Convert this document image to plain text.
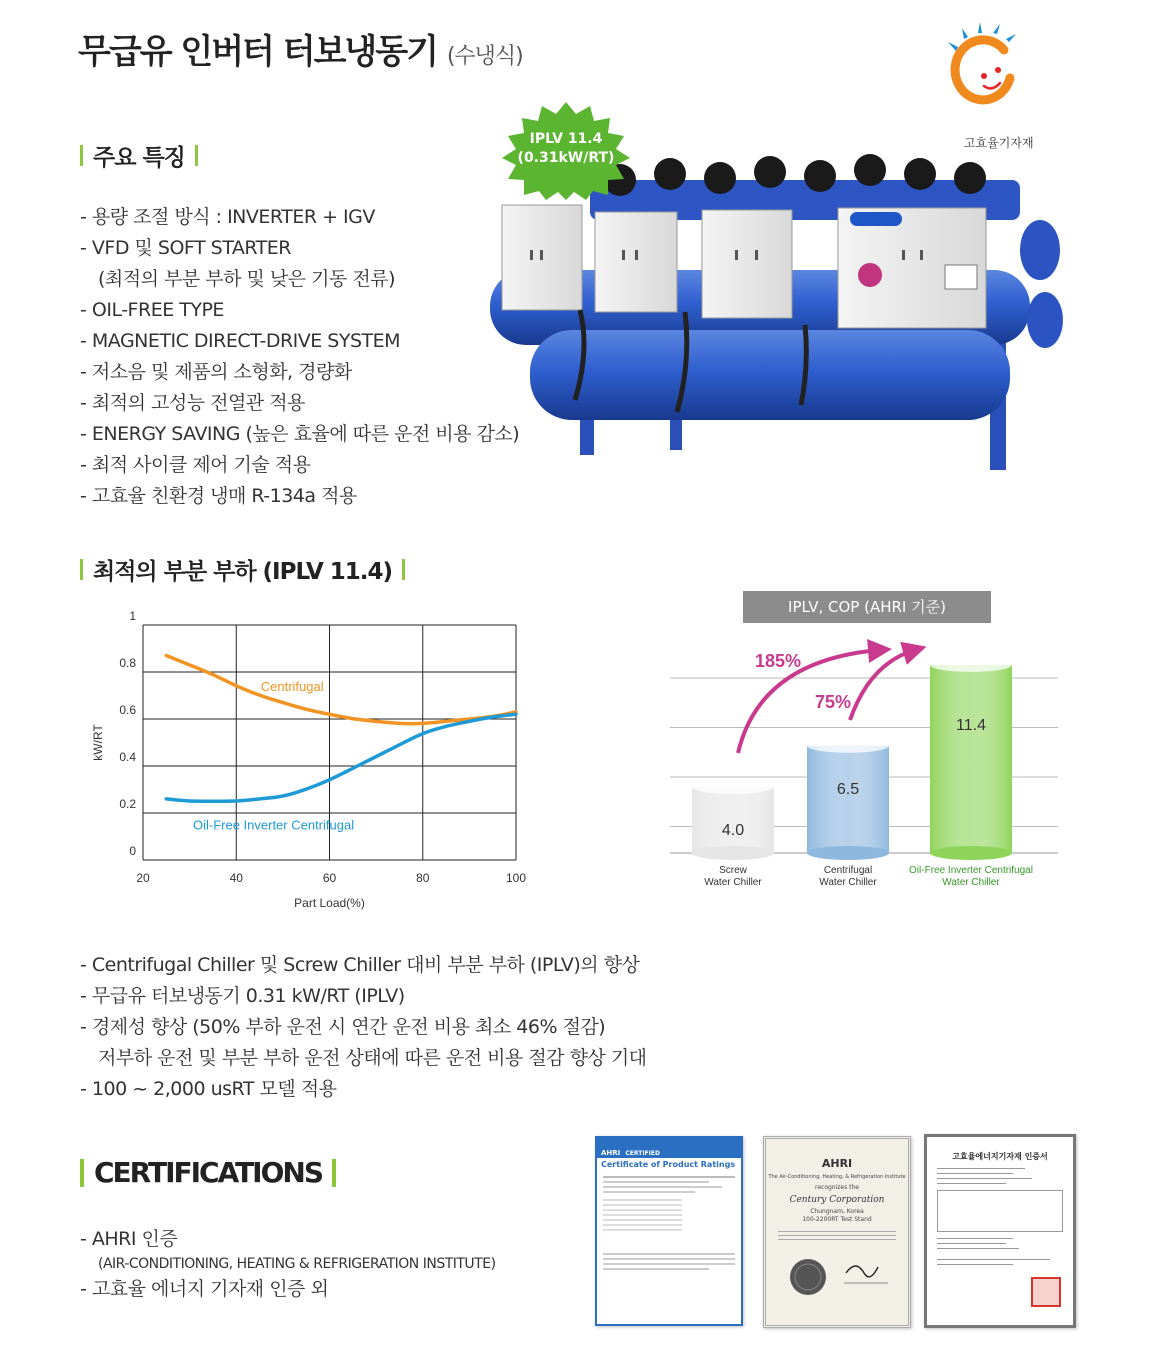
무급유 인버터 터보냉동기 (수냉식)
고효율기자재
주요 특징
- 용량 조절 방식 : INVERTER + IGV
- VFD 및 SOFT STARTER
(최적의 부분 부하 및 낮은 기동 전류)
- OIL-FREE TYPE
- MAGNETIC DIRECT-DRIVE SYSTEM
- 저소음 및 제품의 소형화, 경량화
- 최적의 고성능 전열관 적용
- ENERGY SAVING (높은 효율에 따른 운전 비용 감소)
- 최적 사이클 제어 기술 적용
- 고효율 친환경 냉매 R-134a 적용
IPLV 11.4
(0.31kW/RT)
최적의 부분 부하 (IPLV 11.4)
20	40	60	80	100
0
0.2
0.4
0.6
0.8
1
Part Load(%)
kW/RT
Centrifugal
Oil-Free Inverter Centrifugal
IPLV, COP (AHRI 기준)
4.0
Screw
Water Chiller
6.5
Centrifugal
Water Chiller
11.4
Oil-Free Inverter Centrifugal
Water Chiller
185%
75%
- Centrifugal Chiller 및 Screw Chiller 대비 부분 부하 (IPLV)의 향상
- 무급유 터보냉동기 0.31 kW/RT (IPLV)
- 경제성 향상 (50% 부하 운전 시 연간 운전 비용 최소 46% 절감)
저부하 운전 및 부분 부하 운전 상태에 따른 운전 비용 절감 향상 기대
- 100 ~ 2,000 usRT 모델 적용
CERTIFICATIONS
- AHRI 인증
(AIR-CONDITIONING, HEATING & REFRIGERATION INSTITUTE)
- 고효율 에너지 기자재 인증 외
AHRI CERTIFIED
Certificate of Product Ratings	AHRI
The Air-Conditioning, Heating, & Refrigeration Institute
recognizes the
Century Corporation
Chungnam, Korea
100-2200RT Test Stand
고효율에너지기자재 인증서
